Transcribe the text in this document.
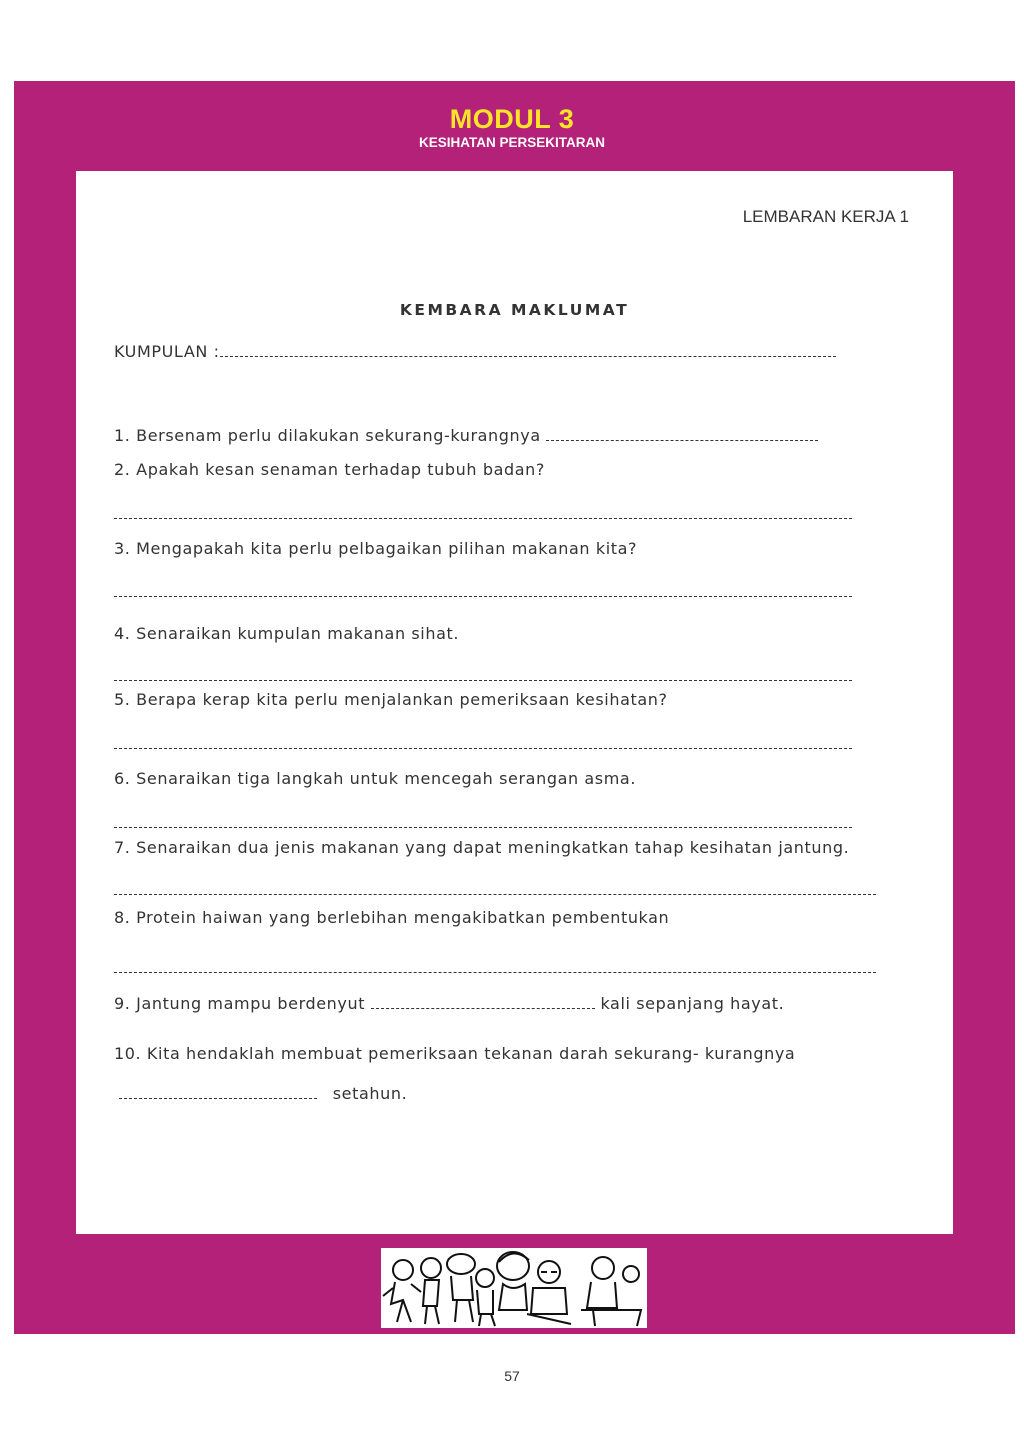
MODUL 3
KESIHATAN PERSEKITARAN
LEMBARAN KERJA 1
KEMBARA MAKLUMAT
KUMPULAN :
1. Bersenam perlu dilakukan sekurang-kurangnya
2. Apakah kesan senaman terhadap tubuh badan?
3. Mengapakah kita perlu pelbagaikan pilihan makanan kita?
4. Senaraikan kumpulan makanan sihat.
5. Berapa kerap kita perlu menjalankan pemeriksaan kesihatan?
6. Senaraikan tiga langkah untuk mencegah serangan asma.
7. Senaraikan dua jenis makanan yang dapat meningkatkan tahap kesihatan jantung.
8. Protein haiwan yang berlebihan mengakibatkan pembentukan
9. Jantung mampu berdenyut	kali sepanjang hayat.
10. Kita hendaklah membuat pemeriksaan tekanan darah sekurang- kurangnya
setahun.
57
